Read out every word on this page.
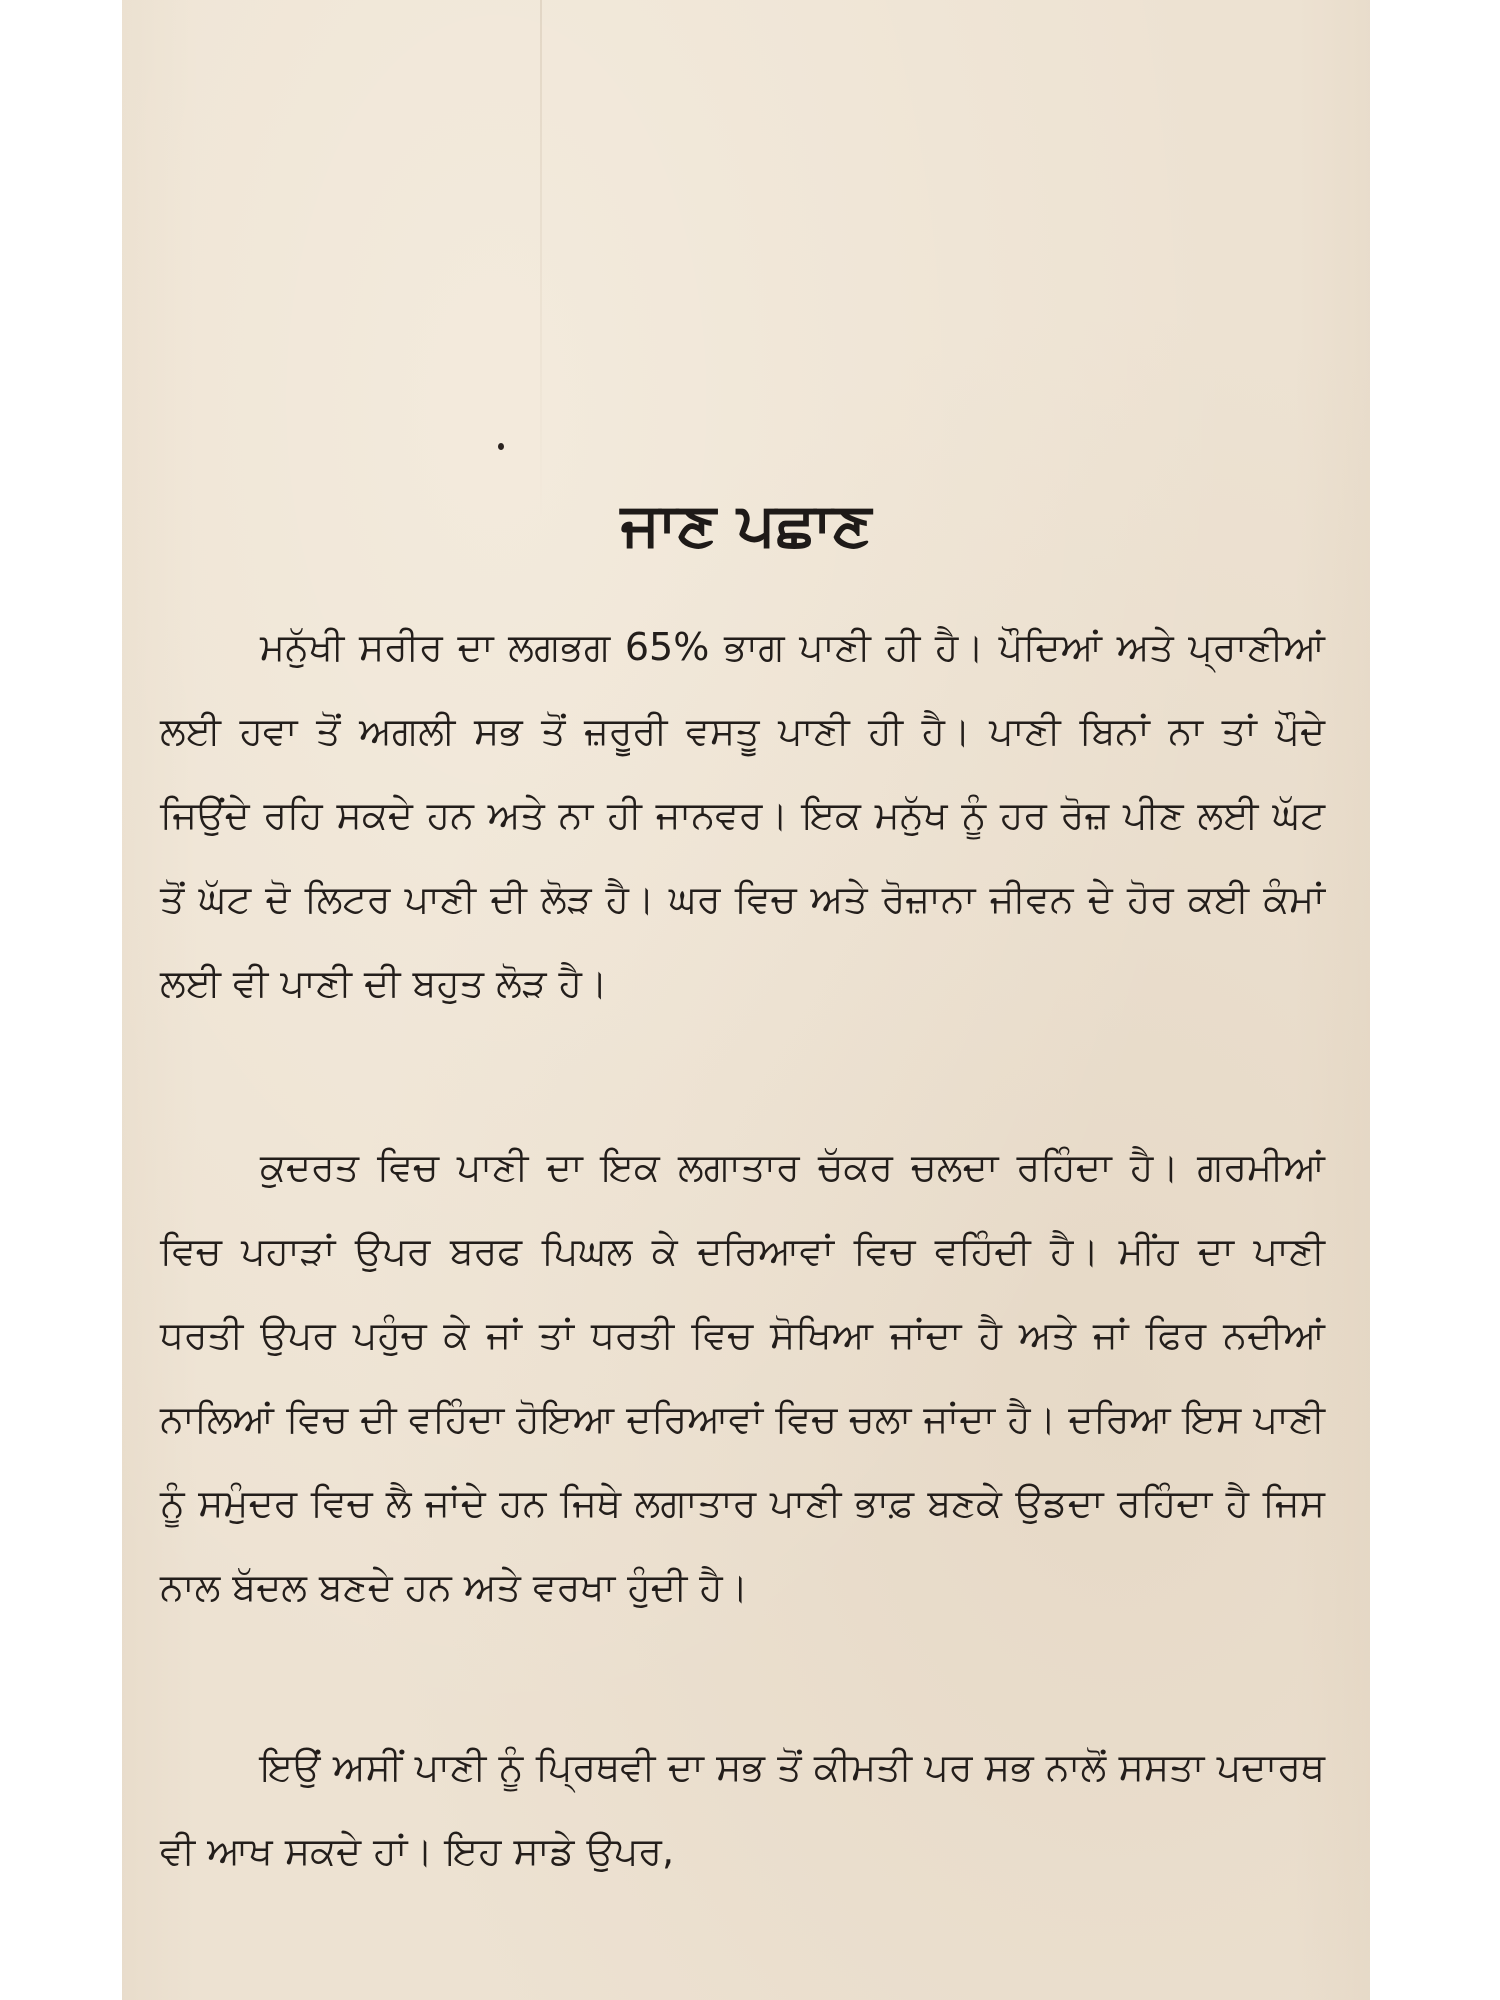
ਜਾਣ ਪਛਾਣ

ਮਨੁੱਖੀ ਸਰੀਰ ਦਾ ਲਗਭਗ 65% ਭਾਗ ਪਾਣੀ ਹੀ ਹੈ। ਪੌਦਿਆਂ ਅਤੇ ਪ੍ਰਾਣੀਆਂ ਲਈ ਹਵਾ ਤੋਂ ਅਗਲੀ ਸਭ ਤੋਂ ਜ਼ਰੂਰੀ ਵਸਤੂ ਪਾਣੀ ਹੀ ਹੈ। ਪਾਣੀ ਬਿਨਾਂ ਨਾ ਤਾਂ ਪੌਦੇ ਜਿਉਂਦੇ ਰਹਿ ਸਕਦੇ ਹਨ ਅਤੇ ਨਾ ਹੀ ਜਾਨਵਰ। ਇਕ ਮਨੁੱਖ ਨੂੰ ਹਰ ਰੋਜ਼ ਪੀਣ ਲਈ ਘੱਟ ਤੋਂ ਘੱਟ ਦੋ ਲਿਟਰ ਪਾਣੀ ਦੀ ਲੋੜ ਹੈ। ਘਰ ਵਿਚ ਅਤੇ ਰੋਜ਼ਾਨਾ ਜੀਵਨ ਦੇ ਹੋਰ ਕਈ ਕੰਮਾਂ ਲਈ ਵੀ ਪਾਣੀ ਦੀ ਬਹੁਤ ਲੋੜ ਹੈ।

ਕੁਦਰਤ ਵਿਚ ਪਾਣੀ ਦਾ ਇਕ ਲਗਾਤਾਰ ਚੱਕਰ ਚਲਦਾ ਰਹਿੰਦਾ ਹੈ। ਗਰਮੀਆਂ ਵਿਚ ਪਹਾੜਾਂ ਉਪਰ ਬਰਫ ਪਿਘਲ ਕੇ ਦਰਿਆਵਾਂ ਵਿਚ ਵਹਿੰਦੀ ਹੈ। ਮੀਂਹ ਦਾ ਪਾਣੀ ਧਰਤੀ ਉਪਰ ਪਹੁੰਚ ਕੇ ਜਾਂ ਤਾਂ ਧਰਤੀ ਵਿਚ ਸੋਖਿਆ ਜਾਂਦਾ ਹੈ ਅਤੇ ਜਾਂ ਫਿਰ ਨਦੀਆਂ ਨਾਲਿਆਂ ਵਿਚ ਦੀ ਵਹਿੰਦਾ ਹੋਇਆ ਦਰਿਆਵਾਂ ਵਿਚ ਚਲਾ ਜਾਂਦਾ ਹੈ। ਦਰਿਆ ਇਸ ਪਾਣੀ ਨੂੰ ਸਮੁੰਦਰ ਵਿਚ ਲੈ ਜਾਂਦੇ ਹਨ ਜਿਥੇ ਲਗਾਤਾਰ ਪਾਣੀ ਭਾਫ਼ ਬਣਕੇ ਉਡਦਾ ਰਹਿੰਦਾ ਹੈ ਜਿਸ ਨਾਲ ਬੱਦਲ ਬਣਦੇ ਹਨ ਅਤੇ ਵਰਖਾ ਹੁੰਦੀ ਹੈ।

ਇਉਂ ਅਸੀਂ ਪਾਣੀ ਨੂੰ ਪ੍ਰਿਥਵੀ ਦਾ ਸਭ ਤੋਂ ਕੀਮਤੀ ਪਰ ਸਭ ਨਾਲੋਂ ਸਸਤਾ ਪਦਾਰਥ ਵੀ ਆਖ ਸਕਦੇ ਹਾਂ। ਇਹ ਸਾਡੇ ਉਪਰ,
